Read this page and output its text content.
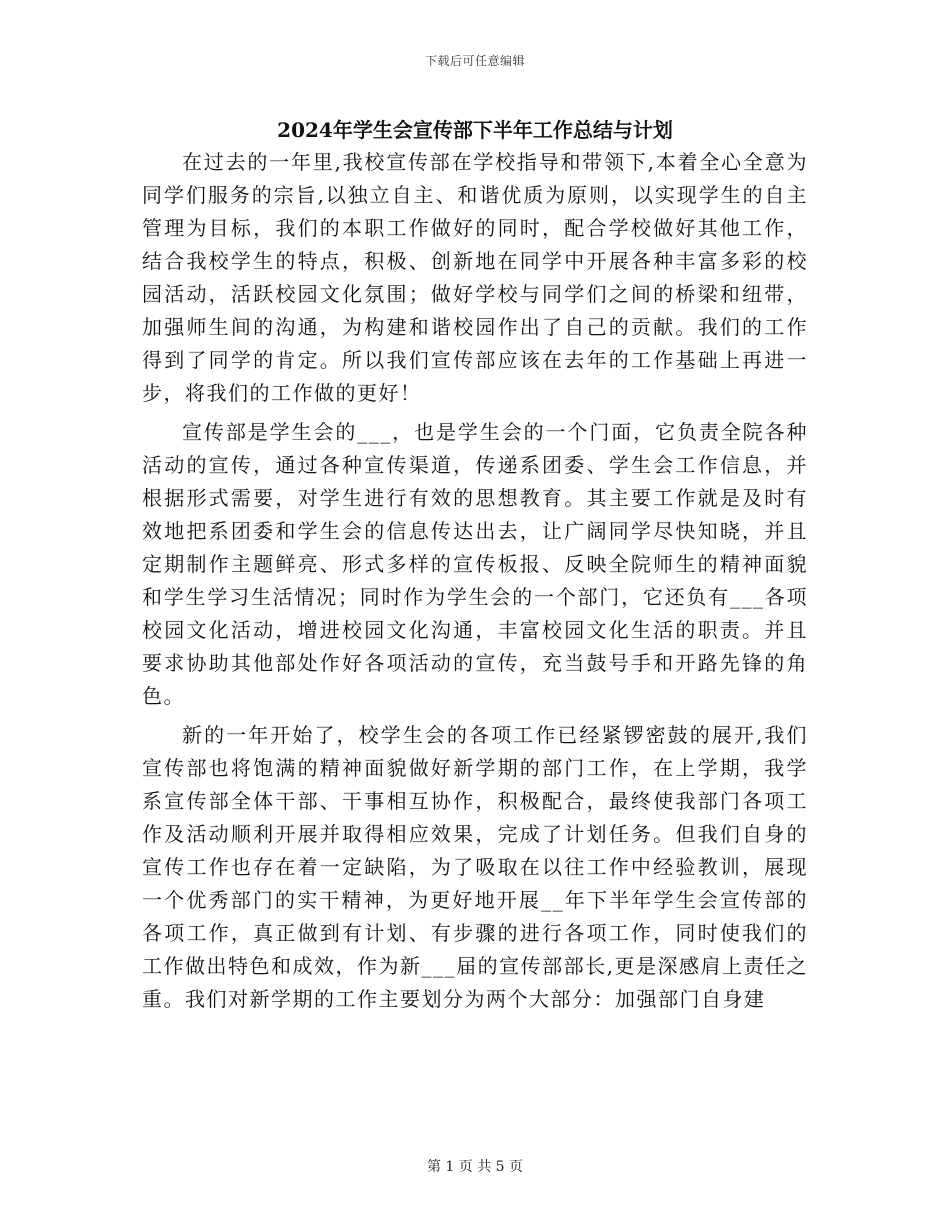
下载后可任意编辑
2024年学生会宣传部下半年工作总结与计划

在过去的一年里,我校宣传部在学校指导和带领下,本着全心全意为同学们服务的宗旨,以独立自主、和谐优质为原则，以实现学生的自主管理为目标，我们的本职工作做好的同时，配合学校做好其他工作，结合我校学生的特点，积极、创新地在同学中开展各种丰富多彩的校园活动，活跃校园文化氛围；做好学校与同学们之间的桥梁和纽带，加强师生间的沟通，为构建和谐校园作出了自己的贡献。我们的工作得到了同学的肯定。所以我们宣传部应该在去年的工作基础上再进一步，将我们的工作做的更好！

宣传部是学生会的___，也是学生会的一个门面，它负责全院各种活动的宣传，通过各种宣传渠道，传递系团委、学生会工作信息，并根据形式需要，对学生进行有效的思想教育。其主要工作就是及时有效地把系团委和学生会的信息传达出去，让广阔同学尽快知晓，并且定期制作主题鲜亮、形式多样的宣传板报、反映全院师生的精神面貌和学生学习生活情况；同时作为学生会的一个部门，它还负有___各项校园文化活动，增进校园文化沟通，丰富校园文化生活的职责。并且要求协助其他部处作好各项活动的宣传，充当鼓号手和开路先锋的角色。

新的一年开始了，校学生会的各项工作已经紧锣密鼓的展开,我们宣传部也将饱满的精神面貌做好新学期的部门工作，在上学期，我学系宣传部全体干部、干事相互协作，积极配合，最终使我部门各项工作及活动顺利开展并取得相应效果，完成了计划任务。但我们自身的宣传工作也存在着一定缺陷，为了吸取在以往工作中经验教训，展现一个优秀部门的实干精神，为更好地开展__年下半年学生会宣传部的各项工作，真正做到有计划、有步骤的进行各项工作，同时使我们的工作做出特色和成效，作为新___届的宣传部部长,更是深感肩上责任之重。我们对新学期的工作主要划分为两个大部分：加强部门自身建

第 1 页 共 5 页
